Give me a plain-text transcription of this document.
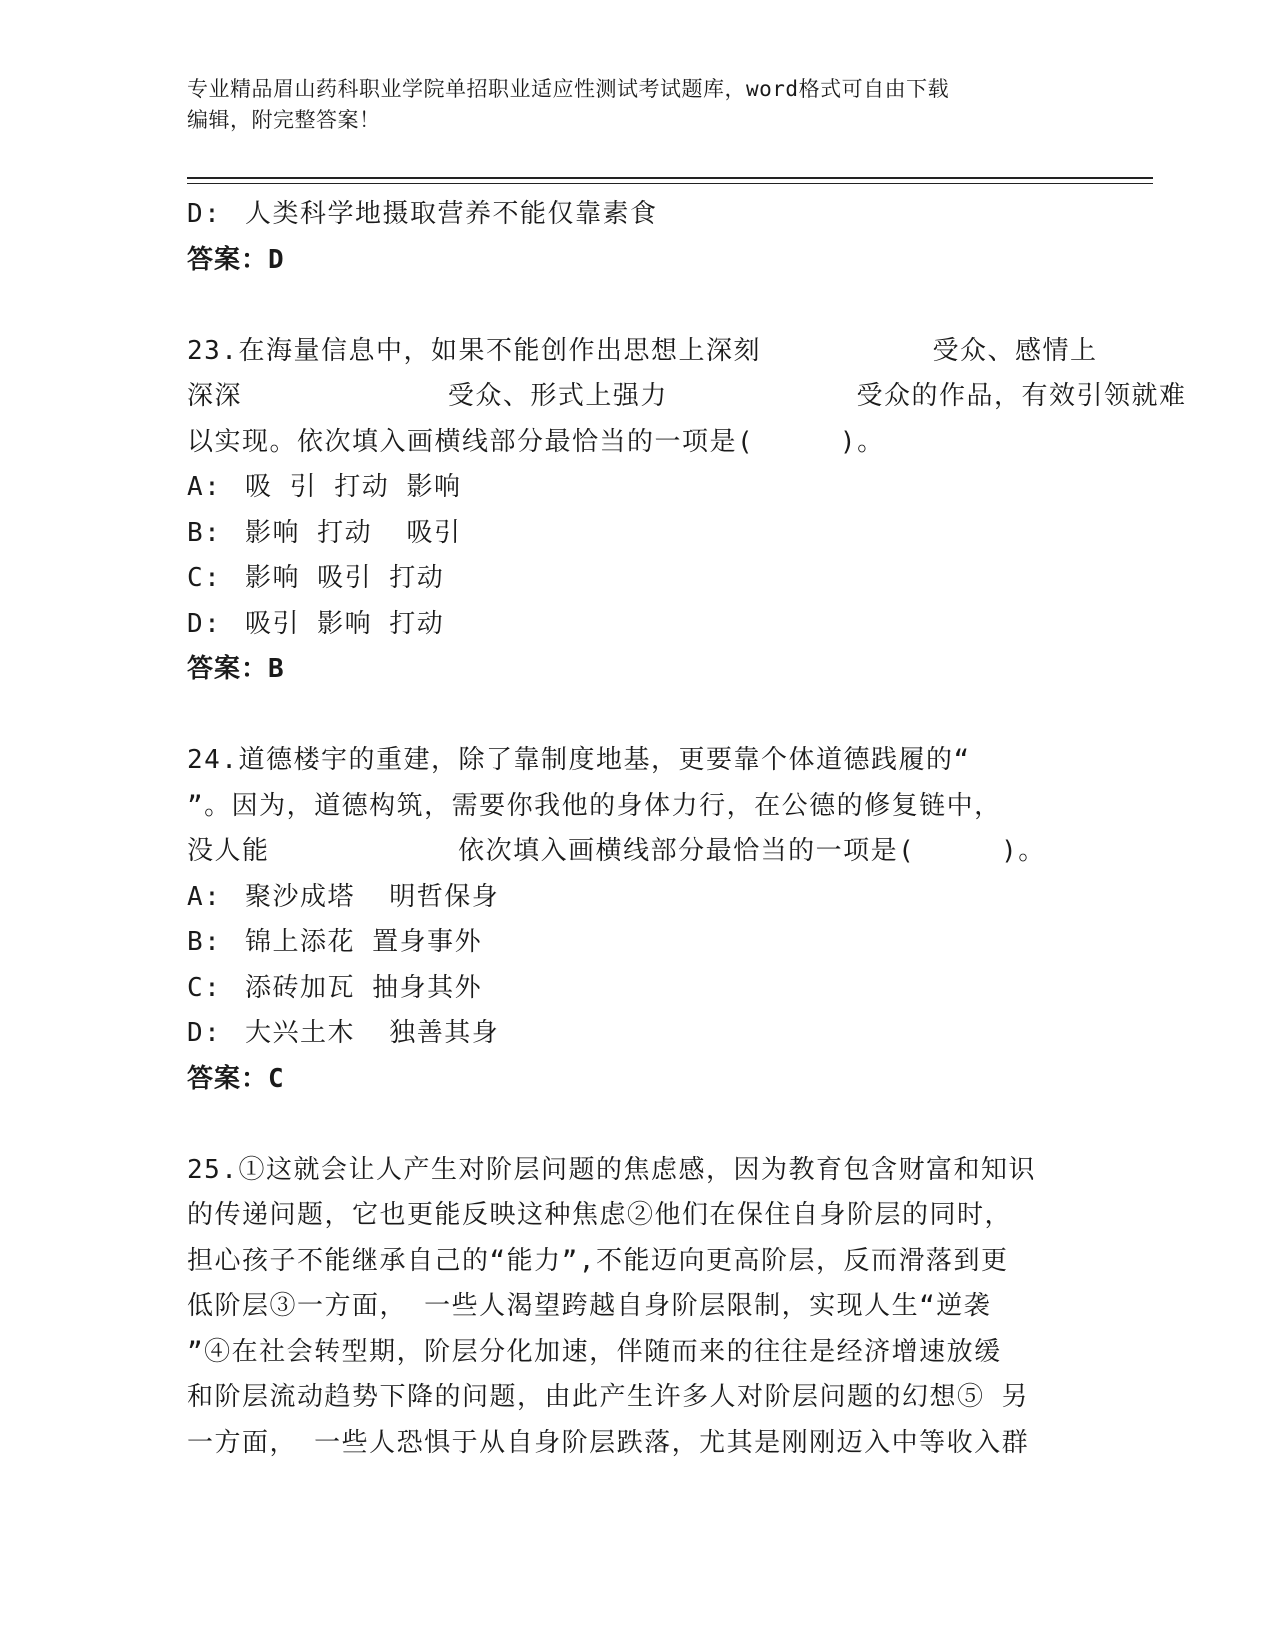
专业精品眉山药科职业学院单招职业适应性测试考试题库，word格式可自由下载
编辑，附完整答案！
D: 人类科学地摄取营养不能仅靠素食
答案：D
23.在海量信息中，如果不能创作出思想上深刻          受众、感情上
深深            受众、形式上强力           受众的作品，有效引领就难
以实现。依次填入画横线部分最恰当的一项是(     )。
A: 吸 引 打动 影响
B: 影响 打动  吸引
C: 影响 吸引 打动
D: 吸引 影响 打动
答案：B
24.道德楼宇的重建，除了靠制度地基，更要靠个体道德践履的“
”。因为，道德构筑，需要你我他的身体力行，在公德的修复链中，
没人能           依次填入画横线部分最恰当的一项是(     )。
A: 聚沙成塔  明哲保身
B: 锦上添花 置身事外
C: 添砖加瓦 抽身其外
D: 大兴土木  独善其身
答案：C
25.①这就会让人产生对阶层问题的焦虑感，因为教育包含财富和知识
的传递问题，它也更能反映这种焦虑②他们在保住自身阶层的同时，
担心孩子不能继承自己的“能力”,不能迈向更高阶层，反而滑落到更
低阶层③一方面， 一些人渴望跨越自身阶层限制，实现人生“逆袭
”④在社会转型期，阶层分化加速，伴随而来的往往是经济增速放缓
和阶层流动趋势下降的问题，由此产生许多人对阶层问题的幻想⑤ 另
一方面， 一些人恐惧于从自身阶层跌落，尤其是刚刚迈入中等收入群
